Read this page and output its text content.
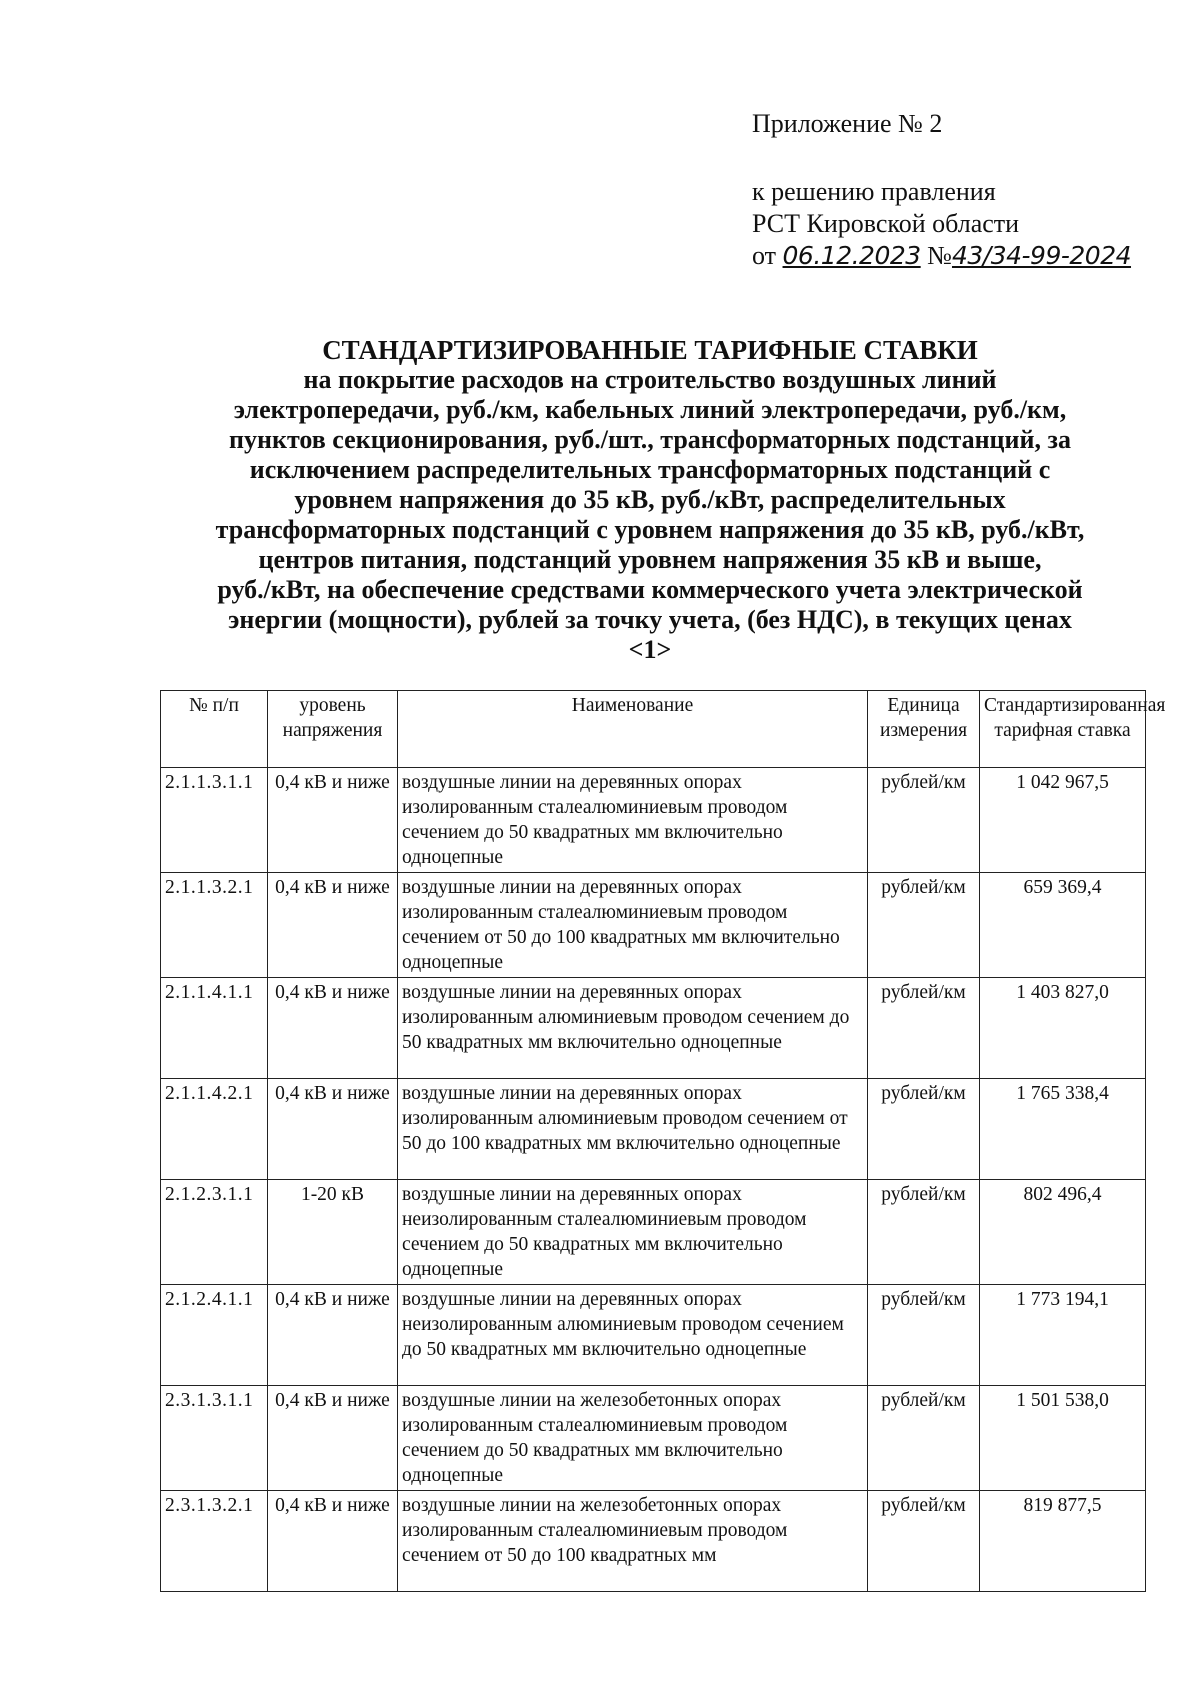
Приложение № 2
к решению правления
РСТ Кировской области
от 06.12.2023 №43/34-99-2024
СТАНДАРТИЗИРОВАННЫЕ ТАРИФНЫЕ СТАВКИ
на покрытие расходов на строительство воздушных линий
электропередачи, руб./км, кабельных линий электропередачи, руб./км,
пунктов секционирования, руб./шт., трансформаторных подстанций, за
исключением распределительных трансформаторных подстанций с
уровнем напряжения до 35 кВ, руб./кВт, распределительных
трансформаторных подстанций с уровнем напряжения до 35 кВ, руб./кВт,
центров питания, подстанций уровнем напряжения 35 кВ и выше,
руб./кВт, на обеспечение средствами коммерческого учета электрической
энергии (мощности), рублей за точку учета, (без НДС), в текущих ценах
<1>
№ п/п	уровень напряжения	Наименование	Единица измерения	Стандартизированная тарифная ставка
2.1.1.3.1.1	0,4 кВ и ниже	воздушные линии на деревянных опорах изолированным сталеалюминиевым проводом сечением до 50 квадратных мм включительно одноцепные	рублей/км	1 042 967,5
2.1.1.3.2.1	0,4 кВ и ниже	воздушные линии на деревянных опорах изолированным сталеалюминиевым проводом сечением от 50 до 100 квадратных мм включительно одноцепные	рублей/км	659 369,4
2.1.1.4.1.1	0,4 кВ и ниже	воздушные линии на деревянных опорах изолированным алюминиевым проводом сечением до 50 квадратных мм включительно одноцепные	рублей/км	1 403 827,0
2.1.1.4.2.1	0,4 кВ и ниже	воздушные линии на деревянных опорах изолированным алюминиевым проводом сечением от 50 до 100 квадратных мм включительно одноцепные	рублей/км	1 765 338,4
2.1.2.3.1.1	1-20 кВ	воздушные линии на деревянных опорах неизолированным сталеалюминиевым проводом сечением до 50 квадратных мм включительно одноцепные	рублей/км	802 496,4
2.1.2.4.1.1	0,4 кВ и ниже	воздушные линии на деревянных опорах неизолированным алюминиевым проводом сечением до 50 квадратных мм включительно одноцепные	рублей/км	1 773 194,1
2.3.1.3.1.1	0,4 кВ и ниже	воздушные линии на железобетонных опорах изолированным сталеалюминиевым проводом сечением до 50 квадратных мм включительно одноцепные	рублей/км	1 501 538,0
2.3.1.3.2.1	0,4 кВ и ниже	воздушные линии на железобетонных опорах изолированным сталеалюминиевым проводом сечением от 50 до 100 квадратных мм	рублей/км	819 877,5
